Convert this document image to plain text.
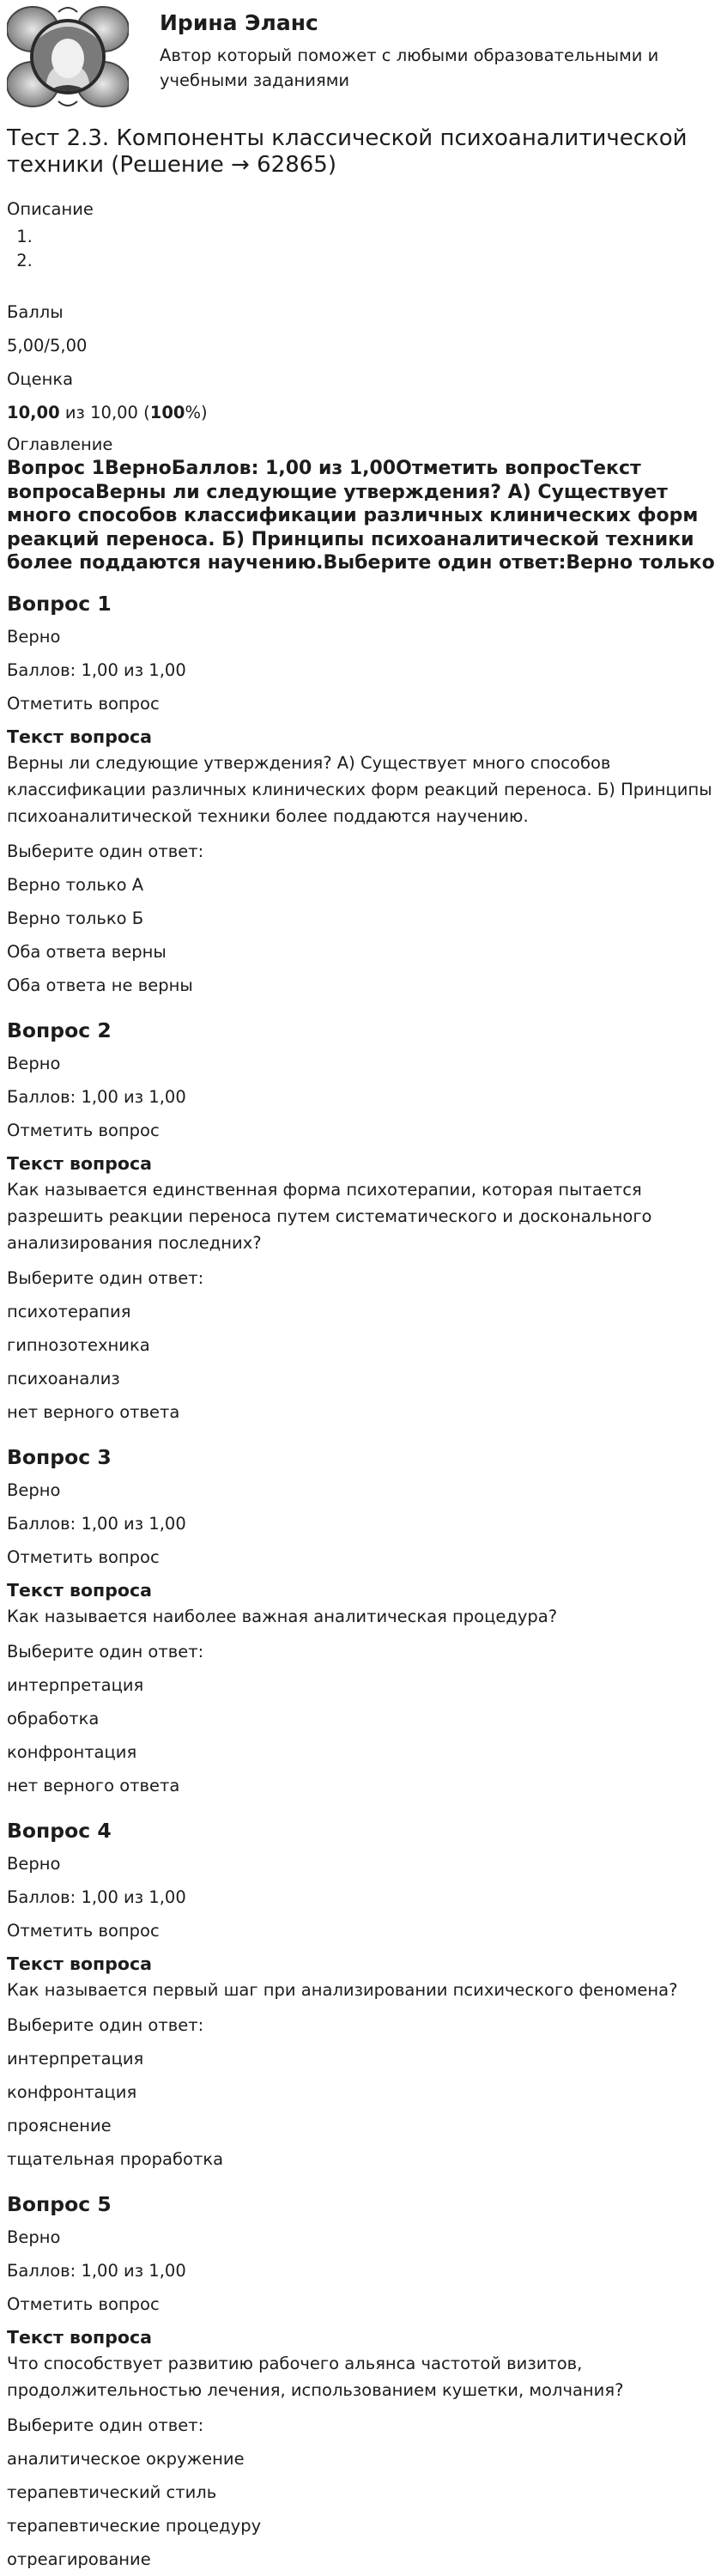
Ирина Эланс

Автор который поможет с любыми образовательными и учебными заданиями

Тест 2.3. Компоненты классической психоаналитической техники (Решение → 62865)
Описание
1.
2.

Баллы

5,00/5,00

Оценка

10,00 из 10,00 (100%)

Оглавление

Вопрос 1ВерноБаллов: 1,00 из 1,00Отметить вопросТекст вопросаВерны ли следующие утверждения? А) Существует много способов классификации различных клинических форм реакций переноса. Б) Принципы психоаналитической техники более поддаются научению.Выберите один ответ:Верно только

Вопрос 1

Верно

Баллов: 1,00 из 1,00

Отметить вопрос

Текст вопроса

Верны ли следующие утверждения? А) Существует много способов классификации различных клинических форм реакций переноса. Б) Принципы психоаналитической техники более поддаются научению.

Выберите один ответ:

Верно только А
Верно только Б
Оба ответа верны
Оба ответа не верны
Вопрос 2

Верно

Баллов: 1,00 из 1,00

Отметить вопрос

Текст вопроса

Как называется единственная форма психотерапии, которая пытается разрешить реакции переноса путем систематического и доскональногo анализирования последних?

Выберите один ответ:

психотерапия
гипнозотехника
психоанализ
нет верного ответа
Вопрос 3

Верно

Баллов: 1,00 из 1,00

Отметить вопрос

Текст вопроса

Как называется наиболее важная аналитическая процедура?

Выберите один ответ:

интерпретация
обработка
конфронтация
нет верного ответа
Вопрос 4

Верно

Баллов: 1,00 из 1,00

Отметить вопрос

Текст вопроса

Как называется первый шаг при анализировании психического феномена?

Выберите один ответ:

интерпретация
конфронтация
прояснение
тщательная проработка
Вопрос 5

Верно

Баллов: 1,00 из 1,00

Отметить вопрос

Текст вопроса

Что способствует развитию рабочего альянса частотой визитов, продолжительностью лечения, использованием кушетки, молчания?

Выберите один ответ:

аналитическое окружение
терапевтический стиль
терапевтические процедуру
отреагирование
